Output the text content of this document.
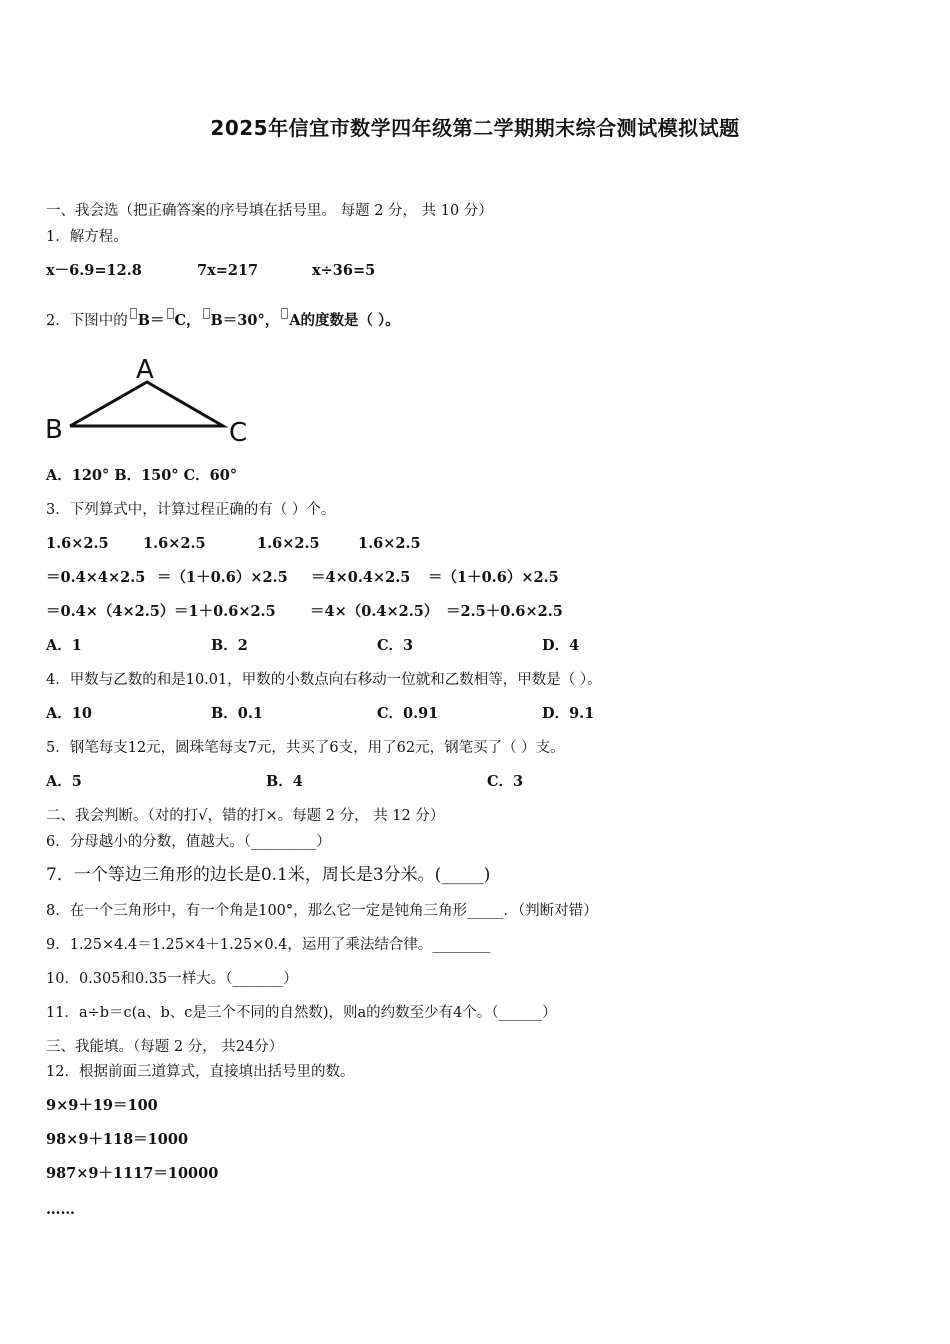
2025年信宜市数学四年级第二学期期末综合测试模拟试题
一、我会选（把正确答案的序号填在括号里。 每题 2 分， 共 10 分）
1．解方程。
x－6.9=12.8	7x=217	x÷36=5
2．下图中的 B＝ C， B＝30°， A的度数是（ ）。
A
B	C
A．120° B．150° C．60°
3．下列算式中，计算过程正确的有（ ）个。
1.6×2.5 1.6×2.5	1.6×2.5	1.6×2.5
＝0.4×4×2.5 ＝（1＋0.6）×2.5 ＝4×0.4×2.5 ＝（1＋0.6）×2.5
＝0.4×（4×2.5） ＝1＋0.6×2.5 ＝4×（0.4×2.5） ＝2.5＋0.6×2.5
A．1	B．2	C．3	D．4
4．甲数与乙数的和是10.01，甲数的小数点向右移动一位就和乙数相等，甲数是（ ）。
A．10	B．0.1	C．0.91	D．9.1
5．钢笔每支12元，圆珠笔每支7元，共买了6支，用了62元，钢笔买了（ ）支。
A．5	B．4	C．3
二、我会判断。（对的打√，错的打×。每题 2 分， 共 12 分）
6．分母越小的分数，值越大。（_________）
7．一个等边三角形的边长是0.1米，周长是3分米。(_____)
8．在一个三角形中，有一个角是100°，那么它一定是钝角三角形_____．（判断对错）
9．1.25×4.4＝1.25×4＋1.25×0.4，运用了乘法结合律。________
10．0.305和0.35一样大。（_______）
11．a÷b＝c(a、b、c是三个不同的自然数)，则a的约数至少有4个。（______）
三、我能填。（每题 2 分， 共24分）
12．根据前面三道算式，直接填出括号里的数。
9×9＋19＝100
98×9＋118＝1000
987×9＋1117＝10000
……
